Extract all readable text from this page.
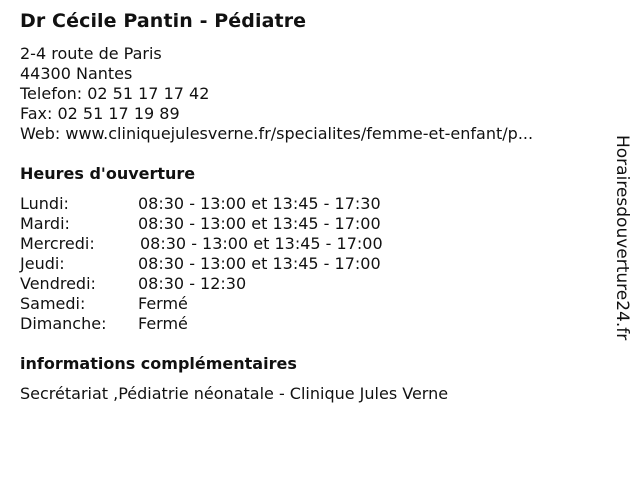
Dr Cécile Pantin - Pédiatre
2-4 route de Paris
44300 Nantes
Telefon: 02 51 17 17 42
Fax: 02 51 17 19 89
Web: www.cliniquejulesverne.fr/specialites/femme-et-enfant/p...
Heures d'ouverture
Lundi:	08:30 - 13:00 et 13:45 - 17:30
Mardi:	08:30 - 13:00 et 13:45 - 17:00
Mercredi:	08:30 - 13:00 et 13:45 - 17:00
Jeudi:	08:30 - 13:00 et 13:45 - 17:00
Vendredi:	08:30 - 12:30
Samedi:	Fermé
Dimanche: Fermé
informations complémentaires
Secrétariat ,Pédiatrie néonatale - Clinique Jules Verne
Horairesdouverture24.fr
